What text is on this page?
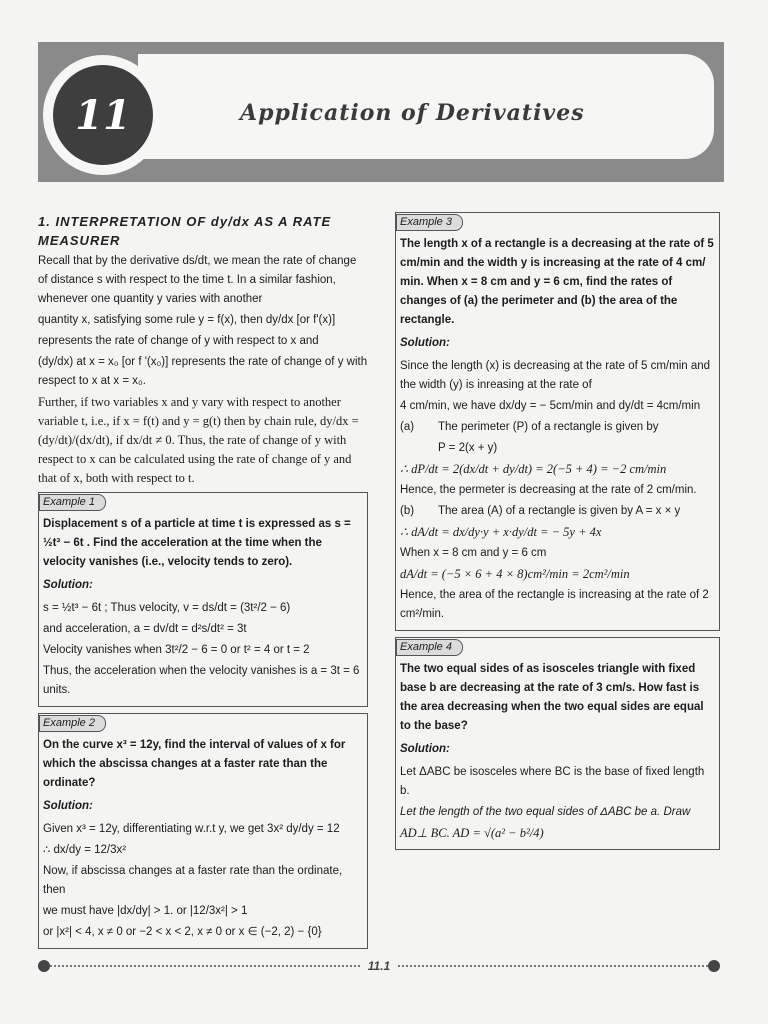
11	Application of Derivatives

1. INTERPRETATION OF dy/dx AS A RATE MEASURER

Recall that by the derivative ds/dt, we mean the rate of change of distance s with respect to the time t. In a similar fashion, whenever one quantity y varies with another

quantity x, satisfying some rule y = f(x), then dy/dx [or f'(x)]

represents the rate of change of y with respect to x and

(dy/dx) at x = x₀ [or f '(x₀)] represents the rate of change of y with respect to x at x = x₀.

Further, if two variables x and y vary with respect to another variable t, i.e., if x = f(t) and y = g(t) then by chain rule, dy/dx = (dy/dt)/(dx/dt), if dx/dt ≠ 0. Thus, the rate of change of y with respect to x can be calculated using the rate of change of y and that of x, both with respect to t.

Example 1

Displacement s of a particle at time t is expressed as s = ½t³ − 6t . Find the acceleration at the time when the velocity vanishes (i.e., velocity tends to zero).

Solution:

s = ½t³ − 6t ; Thus velocity, v = ds/dt = (3t²/2 − 6)

and acceleration, a = dv/dt = d²s/dt² = 3t

Velocity vanishes when 3t²/2 − 6 = 0 or t² = 4 or t = 2

Thus, the acceleration when the velocity vanishes is a = 3t = 6 units.

Example 2

On the curve x³ = 12y, find the interval of values of x for which the abscissa changes at a faster rate than the ordinate?

Solution:

Given x³ = 12y, differentiating w.r.t y, we get 3x² dy/dy = 12

∴ dx/dy = 12/3x²

Now, if abscissa changes at a faster rate than the ordinate, then

we must have |dx/dy| > 1. or |12/3x²| > 1

or |x²| < 4, x ≠ 0 or −2 < x < 2, x ≠ 0 or x ∈ (−2, 2) − {0}

Example 3

The length x of a rectangle is a decreasing at the rate of 5 cm/min and the width y is increasing at the rate of 4 cm/ min. When x = 8 cm and y = 6 cm, find the rates of changes of (a) the perimeter and (b) the area of the rectangle.

Solution:

Since the length (x) is decreasing at the rate of 5 cm/min and the width (y) is inreasing at the rate of

4 cm/min, we have dx/dy = − 5cm/min and dy/dt = 4cm/min

(a) The perimeter (P) of a rectangle is given by

P = 2(x + y)

∴ dP/dt = 2(dx/dt + dy/dt) = 2(−5 + 4) = −2 cm/min

Hence, the permeter is decreasing at the rate of 2 cm/min.

(b) The area (A) of a rectangle is given by A = x × y

∴ dA/dt = dx/dy·y + x·dy/dt = − 5y + 4x

When x = 8 cm and y = 6 cm

dA/dt = (−5 × 6 + 4 × 8)cm²/min = 2cm²/min

Hence, the area of the rectangle is increasing at the rate of 2 cm²/min.

Example 4

The two equal sides of as isosceles triangle with fixed base b are decreasing at the rate of 3 cm/s. How fast is the area decreasing when the two equal sides are equal to the base?

Solution:

Let ΔABC be isosceles where BC is the base of fixed length b.

Let the length of the two equal sides of ΔABC be a. Draw

AD⊥ BC. AD = √(a² − b²/4)

11.1
